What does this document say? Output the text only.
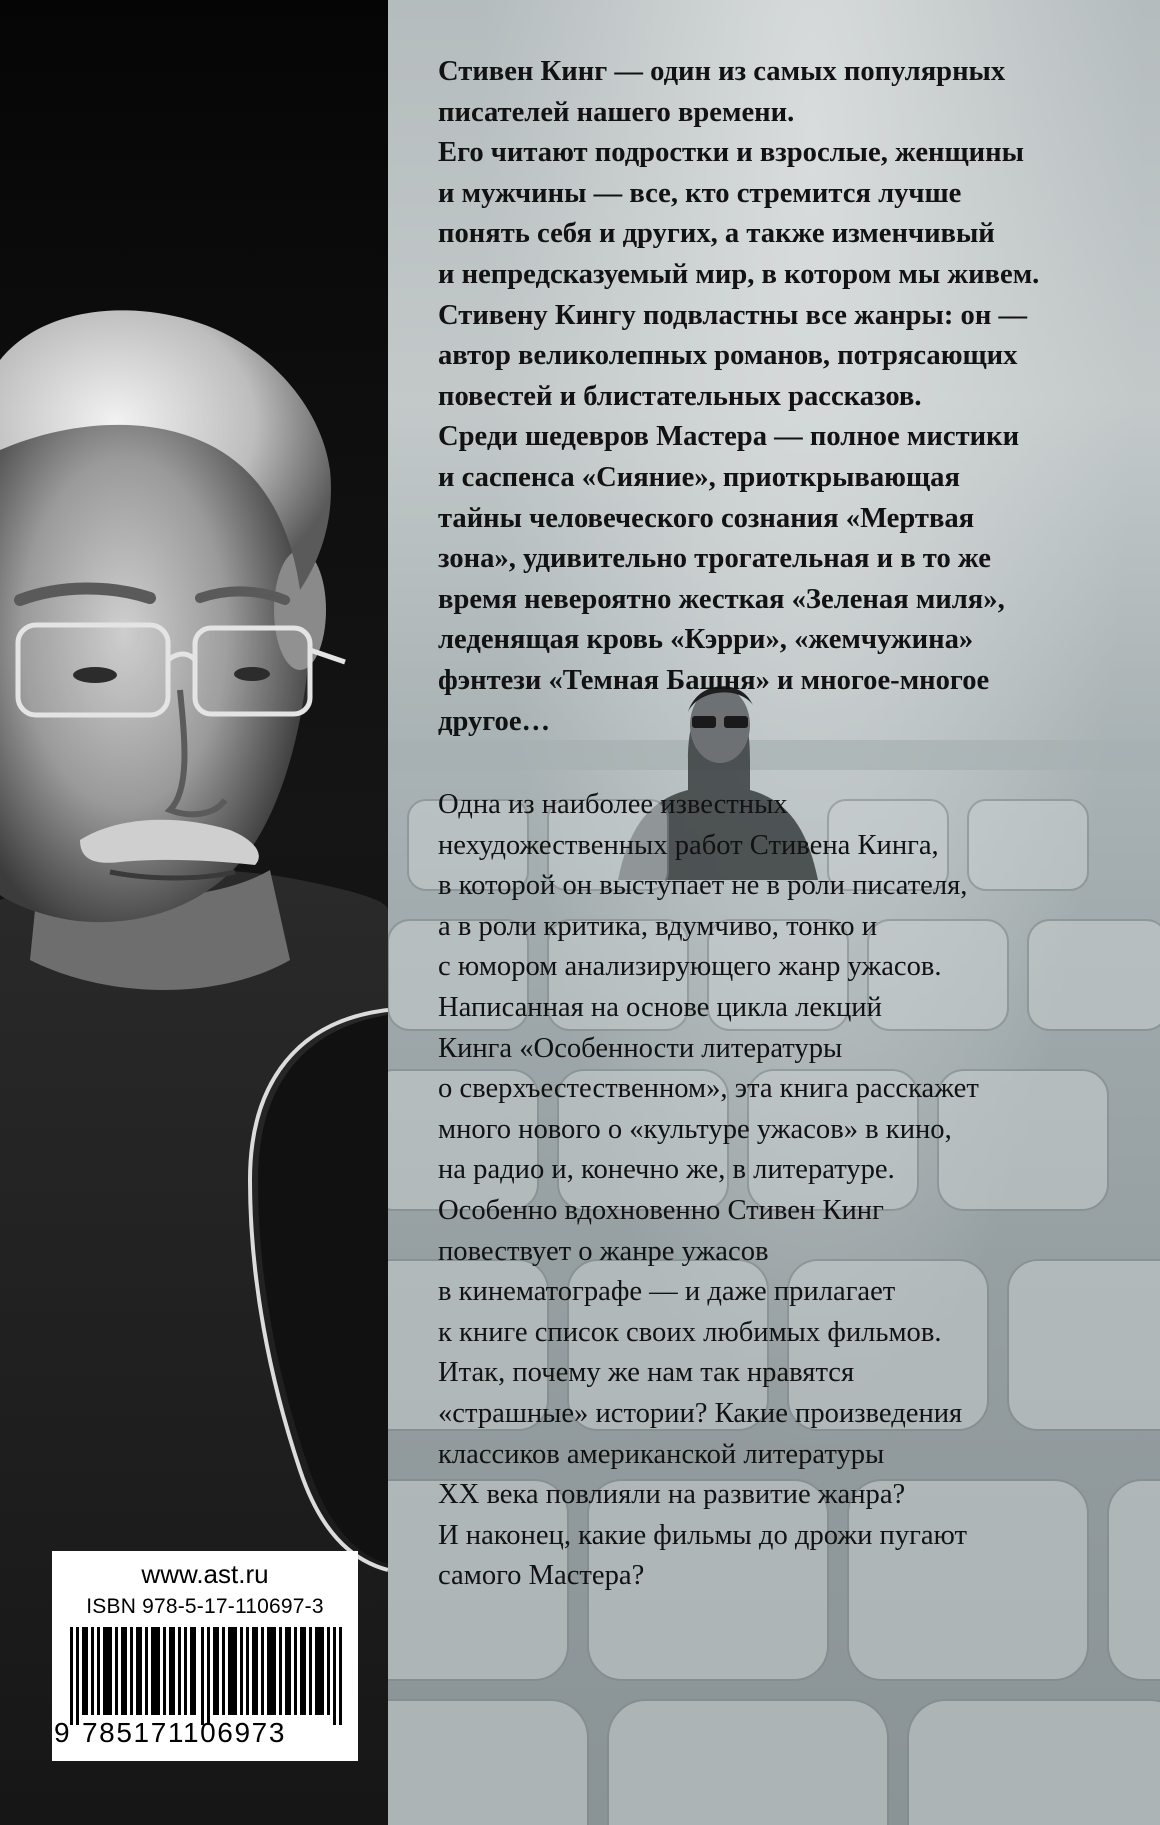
www.ast.ru
ISBN 978-5-17-110697-3
9 785171106973

Стивен Кинг — один из самых популярных

писателей нашего времени.

Его читают подростки и взрослые, женщины

и мужчины — все, кто стремится лучше

понять себя и других, а также изменчивый

и непредсказуемый мир, в котором мы живем.

Стивену Кингу подвластны все жанры: он —

автор великолепных романов, потрясающих

повестей и блистательных рассказов.

Среди шедевров Мастера — полное мистики

и саспенса «Сияние», приоткрывающая

тайны человеческого сознания «Мертвая

зона», удивительно трогательная и в то же

время невероятно жесткая «Зеленая миля»,

леденящая кровь «Кэрри», «жемчужина»

фэнтези «Темная Башня» и многое-многое

другое…

Одна из наиболее известных

нехудожественных работ Стивена Кинга,

в которой он выступает не в роли писателя,

а в роли критика, вдумчиво, тонко и

с юмором анализирующего жанр ужасов.

Написанная на основе цикла лекций

Кинга «Особенности литературы

о сверхъестественном», эта книга расскажет

много нового о «культуре ужасов» в кино,

на радио и, конечно же, в литературе.

Особенно вдохновенно Стивен Кинг

повествует о жанре ужасов

в кинематографе — и даже прилагает

к книге список своих любимых фильмов.

Итак, почему же нам так нравятся

«страшные» истории? Какие произведения

классиков американской литературы

XX века повлияли на развитие жанра?

И наконец, какие фильмы до дрожи пугают

самого Мастера?
